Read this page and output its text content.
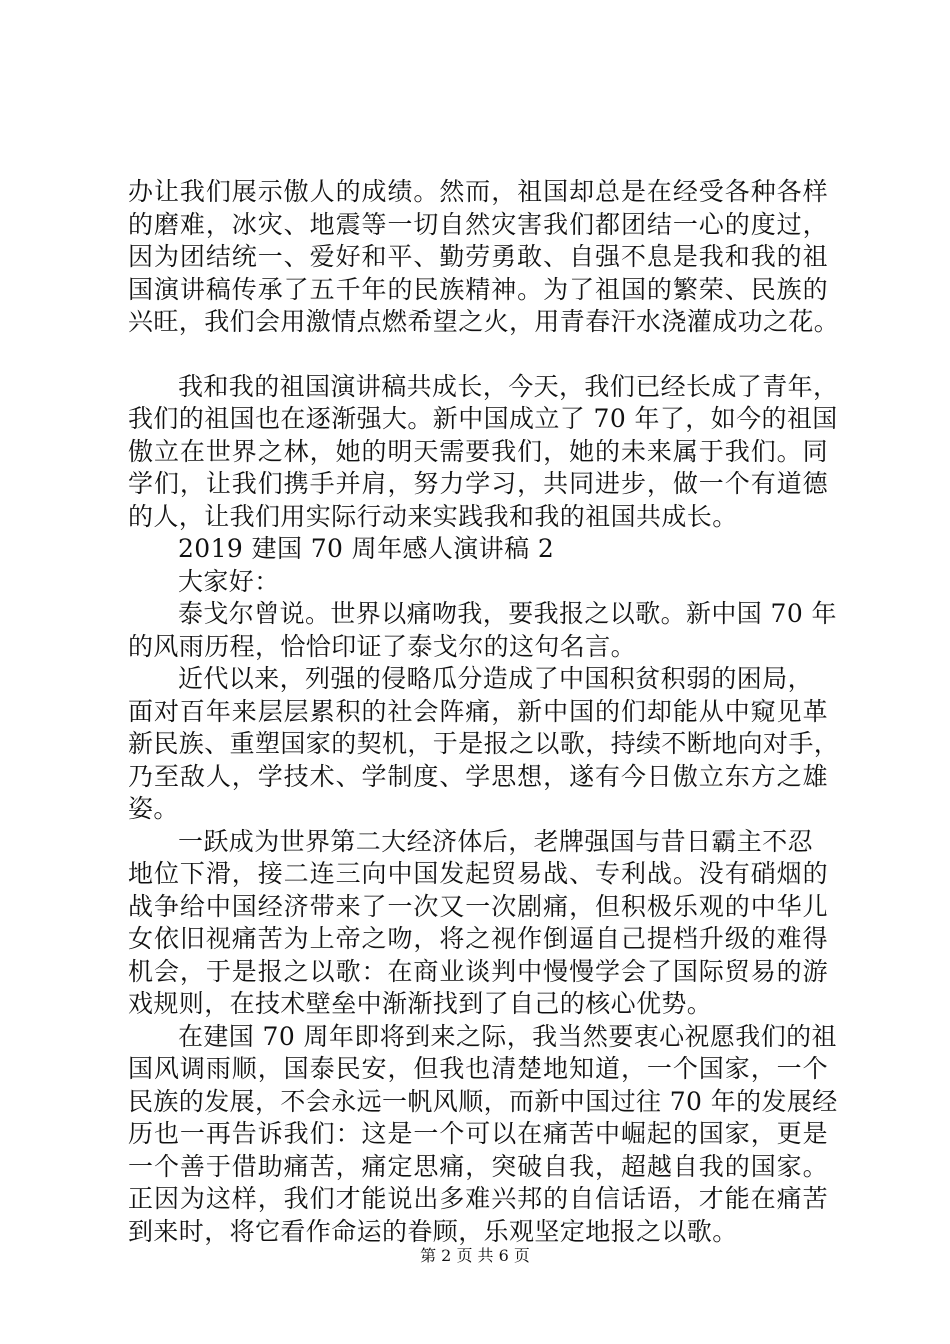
办让我们展示傲人的成绩。然而，祖国却总是在经受各种各样
的磨难，冰灾、地震等一切自然灾害我们都团结一心的度过，
因为团结统一、爱好和平、勤劳勇敢、自强不息是我和我的祖
国演讲稿传承了五千年的民族精神。为了祖国的繁荣、民族的
兴旺，我们会用激情点燃希望之火，用青春汗水浇灌成功之花。
我和我的祖国演讲稿共成长，今天，我们已经长成了青年，
我们的祖国也在逐渐强大。新中国成立了 70 年了，如今的祖国
傲立在世界之林，她的明天需要我们，她的未来属于我们。同
学们，让我们携手并肩，努力学习，共同进步，做一个有道德
的人，让我们用实际行动来实践我和我的祖国共成长。
2019 建国 70 周年感人演讲稿 2
大家好：
泰戈尔曾说。世界以痛吻我，要我报之以歌。新中国 70 年
的风雨历程，恰恰印证了泰戈尔的这句名言。
近代以来，列强的侵略瓜分造成了中国积贫积弱的困局，
面对百年来层层累积的社会阵痛，新中国的们却能从中窥见革
新民族、重塑国家的契机，于是报之以歌，持续不断地向对手，
乃至敌人，学技术、学制度、学思想，遂有今日傲立东方之雄
姿。
一跃成为世界第二大经济体后，老牌强国与昔日霸主不忍
地位下滑，接二连三向中国发起贸易战、专利战。没有硝烟的
战争给中国经济带来了一次又一次剧痛，但积极乐观的中华儿
女依旧视痛苦为上帝之吻，将之视作倒逼自己提档升级的难得
机会，于是报之以歌：在商业谈判中慢慢学会了国际贸易的游
戏规则，在技术壁垒中渐渐找到了自己的核心优势。
在建国 70 周年即将到来之际，我当然要衷心祝愿我们的祖
国风调雨顺，国泰民安，但我也清楚地知道，一个国家，一个
民族的发展，不会永远一帆风顺，而新中国过往 70 年的发展经
历也一再告诉我们：这是一个可以在痛苦中崛起的国家，更是
一个善于借助痛苦，痛定思痛，突破自我，超越自我的国家。
正因为这样，我们才能说出多难兴邦的自信话语，才能在痛苦
到来时，将它看作命运的眷顾，乐观坚定地报之以歌。
第 2 页 共 6 页
